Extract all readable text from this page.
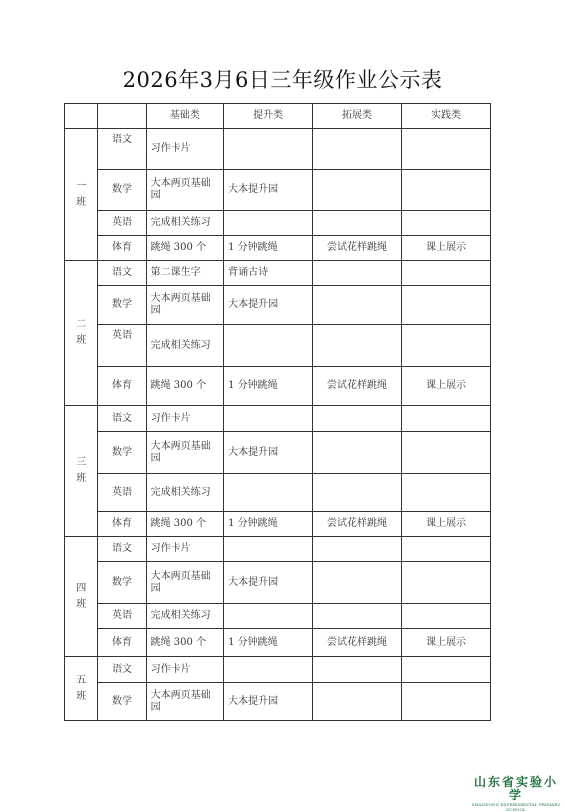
2026年3月6日三年级作业公示表
		基础类	提升类	拓展类	实践类

一
班	语文	习作卡片			
	数学	大本两页基础园	大本提升园		
	英语	完成相关练习			
	体育	跳绳 300 个	1 分钟跳绳	尝试花样跳绳	课上展示

二
班	语文	第二课生字	背诵古诗		
	数学	大本两页基础园	大本提升园		
	英语	完成相关练习			
	体育	跳绳 300 个	1 分钟跳绳	尝试花样跳绳	课上展示

三
班	语文	习作卡片			
	数学	大本两页基础园	大本提升园		
	英语	完成相关练习			
	体育	跳绳 300 个	1 分钟跳绳	尝试花样跳绳	课上展示

四
班	语文	习作卡片			
	数学	大本两页基础园	大本提升园		
	英语	完成相关练习			
	体育	跳绳 300 个	1 分钟跳绳	尝试花样跳绳	课上展示

五
班	语文	习作卡片			
	数学	大本两页基础园	大本提升园		
山东省实验小学
SHANDONG EXPERIMENTAL PRIMARY SCHOOL
